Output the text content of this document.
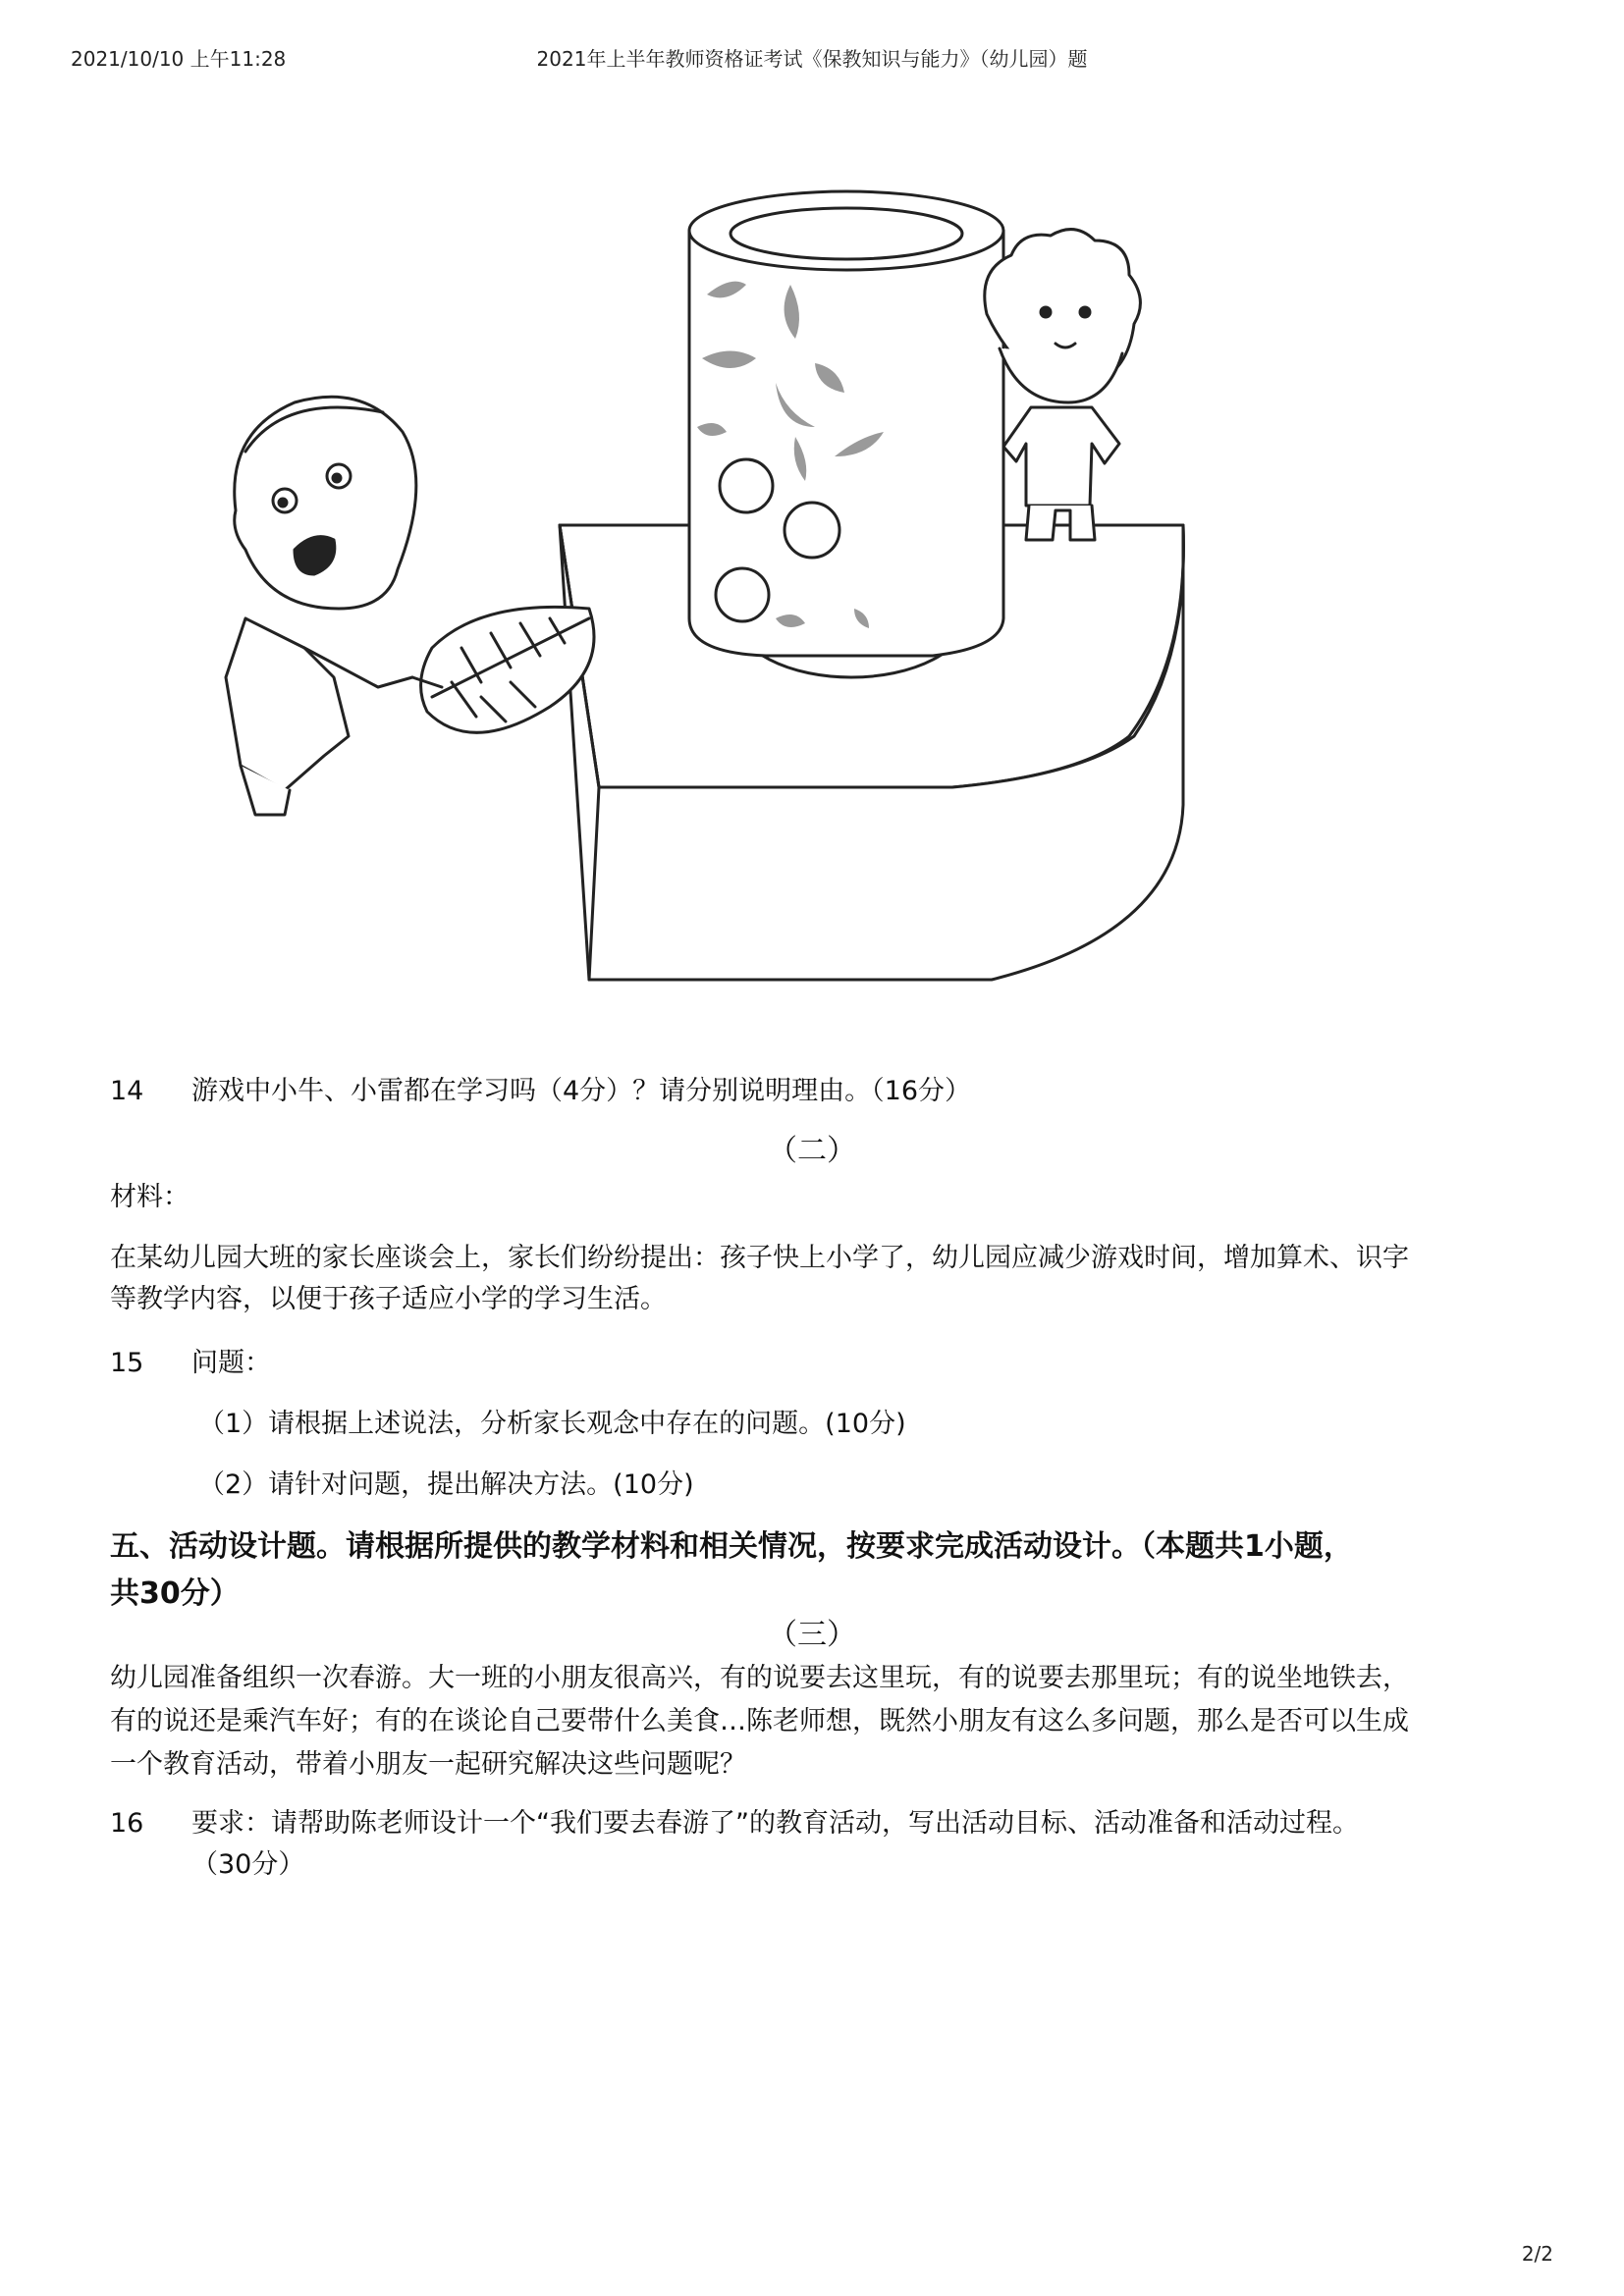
2021/10/10 上午11:28	2021年上半年教师资格证考试《保教知识与能力》（幼儿园）题
14 游戏中小牛、小雷都在学习吗（4分）？请分别说明理由。（16分）
（二）
材料：
在某幼儿园大班的家长座谈会上，家长们纷纷提出：孩子快上小学了，幼儿园应减少游戏时间，增加算术、识字
等教学内容，以便于孩子适应小学的学习生活。
15 问题：
（1）请根据上述说法，分析家长观念中存在的问题。(10分)
（2）请针对问题，提出解决方法。(10分)
五、活动设计题。请根据所提供的教学材料和相关情况，按要求完成活动设计。（本题共1小题，
共30分）
（三）
幼儿园准备组织一次春游。大一班的小朋友很高兴，有的说要去这里玩，有的说要去那里玩；有的说坐地铁去，
有的说还是乘汽车好；有的在谈论自己要带什么美食…陈老师想，既然小朋友有这么多问题，那么是否可以生成
一个教育活动，带着小朋友一起研究解决这些问题呢？
16 要求：请帮助陈老师设计一个“我们要去春游了”的教育活动，写出活动目标、活动准备和活动过程。
（30分）
2/2
